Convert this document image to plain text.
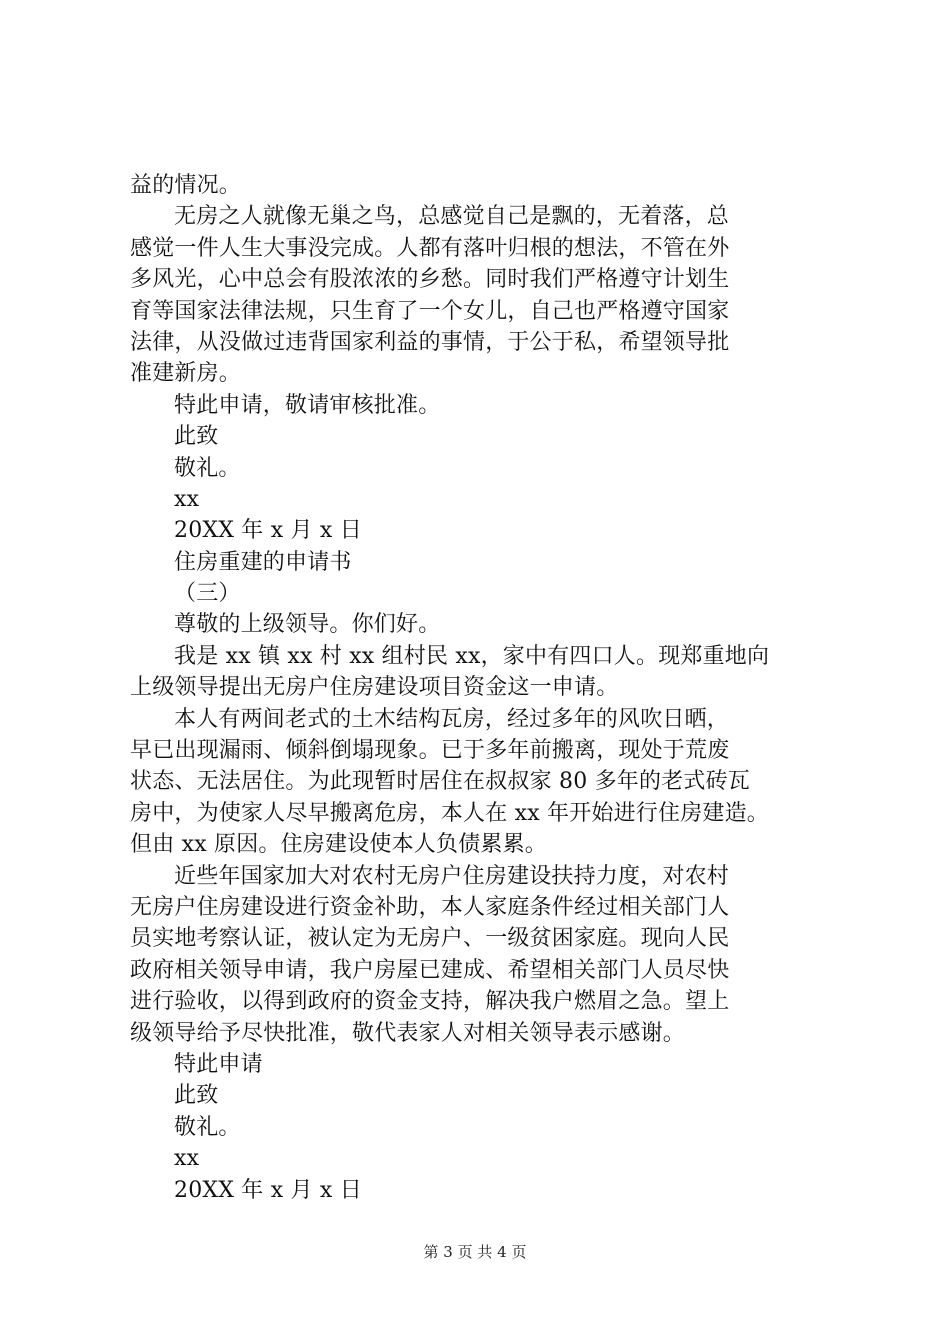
益的情况。
无房之人就像无巢之鸟，总感觉自己是飘的，无着落，总
感觉一件人生大事没完成。人都有落叶归根的想法，不管在外
多风光，心中总会有股浓浓的乡愁。同时我们严格遵守计划生
育等国家法律法规，只生育了一个女儿，自己也严格遵守国家
法律，从没做过违背国家利益的事情，于公于私，希望领导批
准建新房。
特此申请，敬请审核批准。
此致
敬礼。
xx
20XX 年 x 月 x 日
住房重建的申请书
（三）
尊敬的上级领导。你们好。
我是 xx 镇 xx 村 xx 组村民 xx，家中有四口人。现郑重地向
上级领导提出无房户住房建设项目资金这一申请。
本人有两间老式的土木结构瓦房，经过多年的风吹日晒，
早已出现漏雨、倾斜倒塌现象。已于多年前搬离，现处于荒废
状态、无法居住。为此现暂时居住在叔叔家 80 多年的老式砖瓦
房中，为使家人尽早搬离危房，本人在 xx 年开始进行住房建造。
但由 xx 原因。住房建设使本人负债累累。
近些年国家加大对农村无房户住房建设扶持力度，对农村
无房户住房建设进行资金补助，本人家庭条件经过相关部门人
员实地考察认证，被认定为无房户、一级贫困家庭。现向人民
政府相关领导申请，我户房屋已建成、希望相关部门人员尽快
进行验收，以得到政府的资金支持，解决我户燃眉之急。望上
级领导给予尽快批准，敬代表家人对相关领导表示感谢。
特此申请
此致
敬礼。
xx
20XX 年 x 月 x 日
第 3 页 共 4 页
